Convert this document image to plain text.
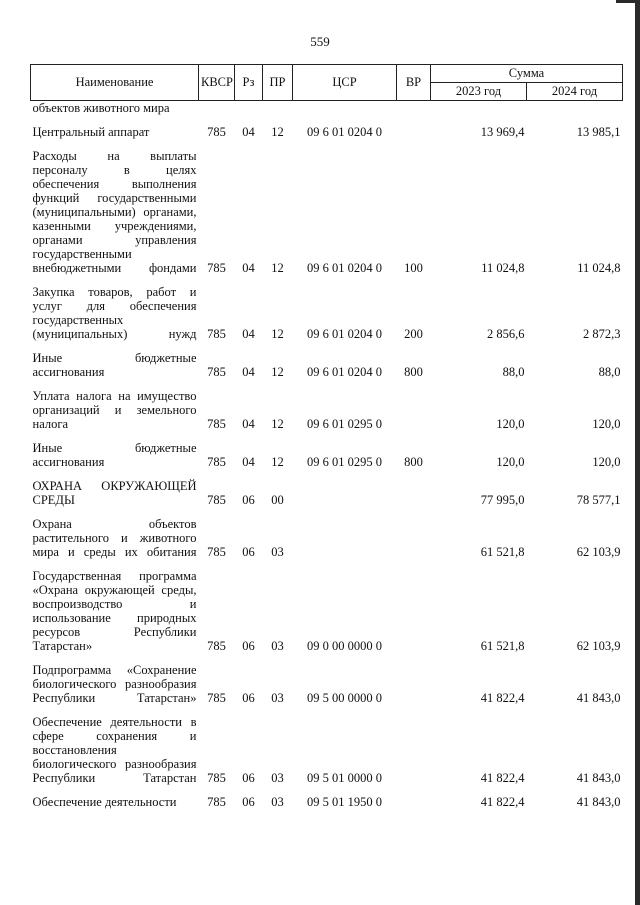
559
Наименование	КВСР	Рз	ПР	ЦСР	ВР	Сумма	
						2023 год	2024 год
объектов животного мира							
Центральный аппарат	785	04	12	09 6 01 0204 0		13 969,4	13 985,1
Расходы на выплаты персоналу в целях обеспечения выполнения функций государственными (муниципальными) органами, казенными учреждениями, органами управления государственными внебюджетными фондами	785	04	12	09 6 01 0204 0	100	11 024,8	11 024,8
Закупка товаров, работ и услуг для обеспечения государственных (муниципальных) нужд	785	04	12	09 6 01 0204 0	200	2 856,6	2 872,3
Иные бюджетные ассигнования	785	04	12	09 6 01 0204 0	800	88,0	88,0
Уплата налога на имущество организаций и земельного налога	785	04	12	09 6 01 0295 0		120,0	120,0
Иные бюджетные ассигнования	785	04	12	09 6 01 0295 0	800	120,0	120,0
ОХРАНА ОКРУЖАЮЩЕЙ СРЕДЫ	785	06	00			77 995,0	78 577,1
Охрана объектов растительного и животного мира и среды их обитания	785	06	03			61 521,8	62 103,9
Государственная программа «Охрана окружающей среды, воспроизводство и использование природных ресурсов Республики Татарстан»	785	06	03	09 0 00 0000 0		61 521,8	62 103,9
Подпрограмма «Сохранение биологического разнообразия Республики Татарстан»	785	06	03	09 5 00 0000 0		41 822,4	41 843,0
Обеспечение деятельности в сфере сохранения и восстановления биологического разнообразия Республики Татарстан	785	06	03	09 5 01 0000 0		41 822,4	41 843,0
Обеспечение деятельности	785	06	03	09 5 01 1950 0		41 822,4	41 843,0
